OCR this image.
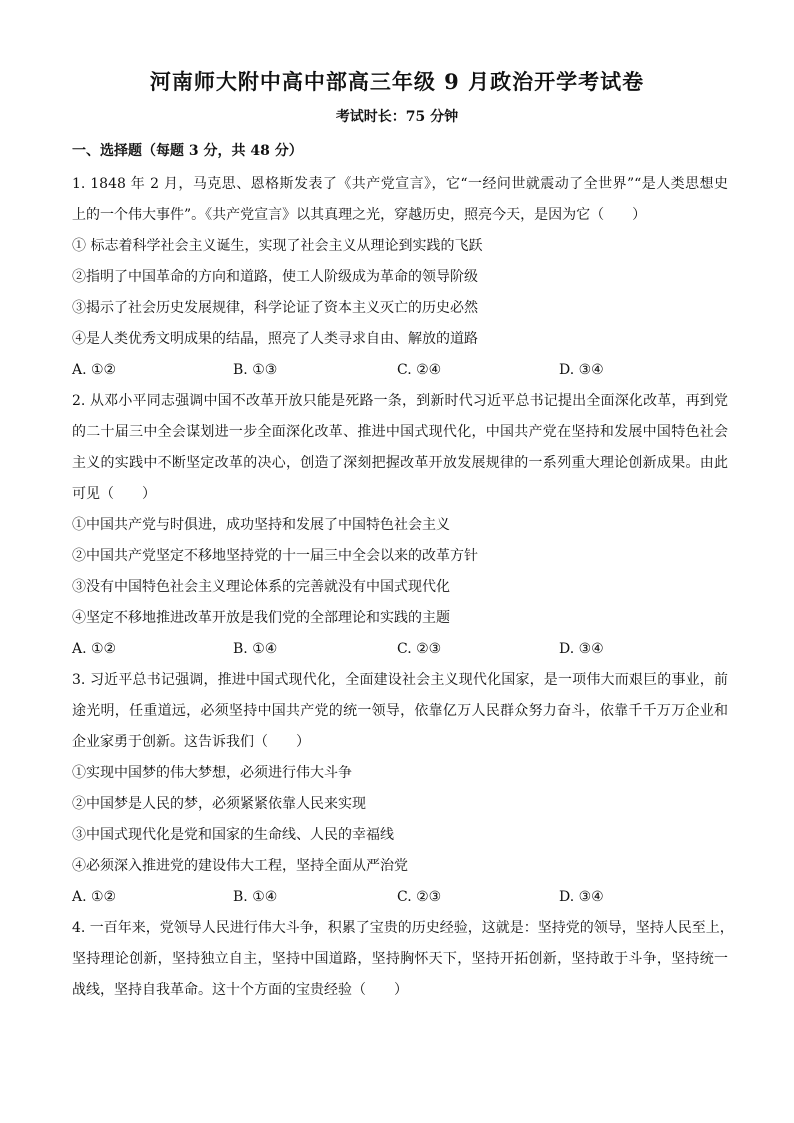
河南师大附中高中部高三年级 9 月政治开学考试卷

考试时长：75 分钟

一、选择题（每题 3 分，共 48 分）

1. 1848 年 2 月，马克思、恩格斯发表了《共产党宣言》，它“一经问世就震动了全世界”“是人类思想史
上的一个伟大事件”。《共产党宣言》以其真理之光，穿越历史，照亮今天，是因为它（　　）
① 标志着科学社会主义诞生，实现了社会主义从理论到实践的飞跃
②指明了中国革命的方向和道路，使工人阶级成为革命的领导阶级
③揭示了社会历史发展规律，科学论证了资本主义灭亡的历史必然
④是人类优秀文明成果的结晶，照亮了人类寻求自由、解放的道路
A. ①②	B. ①③	C. ②④	D. ③④
2. 从邓小平同志强调中国不改革开放只能是死路一条，到新时代习近平总书记提出全面深化改革，再到党
的二十届三中全会谋划进一步全面深化改革、推进中国式现代化，中国共产党在坚持和发展中国特色社会
主义的实践中不断坚定改革的决心，创造了深刻把握改革开放发展规律的一系列重大理论创新成果。由此
可见（　　）
①中国共产党与时俱进，成功坚持和发展了中国特色社会主义
②中国共产党坚定不移地坚持党的十一届三中全会以来的改革方针
③没有中国特色社会主义理论体系的完善就没有中国式现代化
④坚定不移地推进改革开放是我们党的全部理论和实践的主题
A. ①②	B. ①④	C. ②③	D. ③④
3. 习近平总书记强调，推进中国式现代化，全面建设社会主义现代化国家，是一项伟大而艰巨的事业，前
途光明，任重道远，必须坚持中国共产党的统一领导，依靠亿万人民群众努力奋斗，依靠千千万万企业和
企业家勇于创新。这告诉我们（　　）
①实现中国梦的伟大梦想，必须进行伟大斗争
②中国梦是人民的梦，必须紧紧依靠人民来实现
③中国式现代化是党和国家的生命线、人民的幸福线
④必须深入推进党的建设伟大工程，坚持全面从严治党
A. ①②	B. ①④	C. ②③	D. ③④
4. 一百年来，党领导人民进行伟大斗争，积累了宝贵的历史经验，这就是：坚持党的领导，坚持人民至上，
坚持理论创新，坚持独立自主，坚持中国道路，坚持胸怀天下，坚持开拓创新，坚持敢于斗争，坚持统一
战线，坚持自我革命。这十个方面的宝贵经验（　　）
